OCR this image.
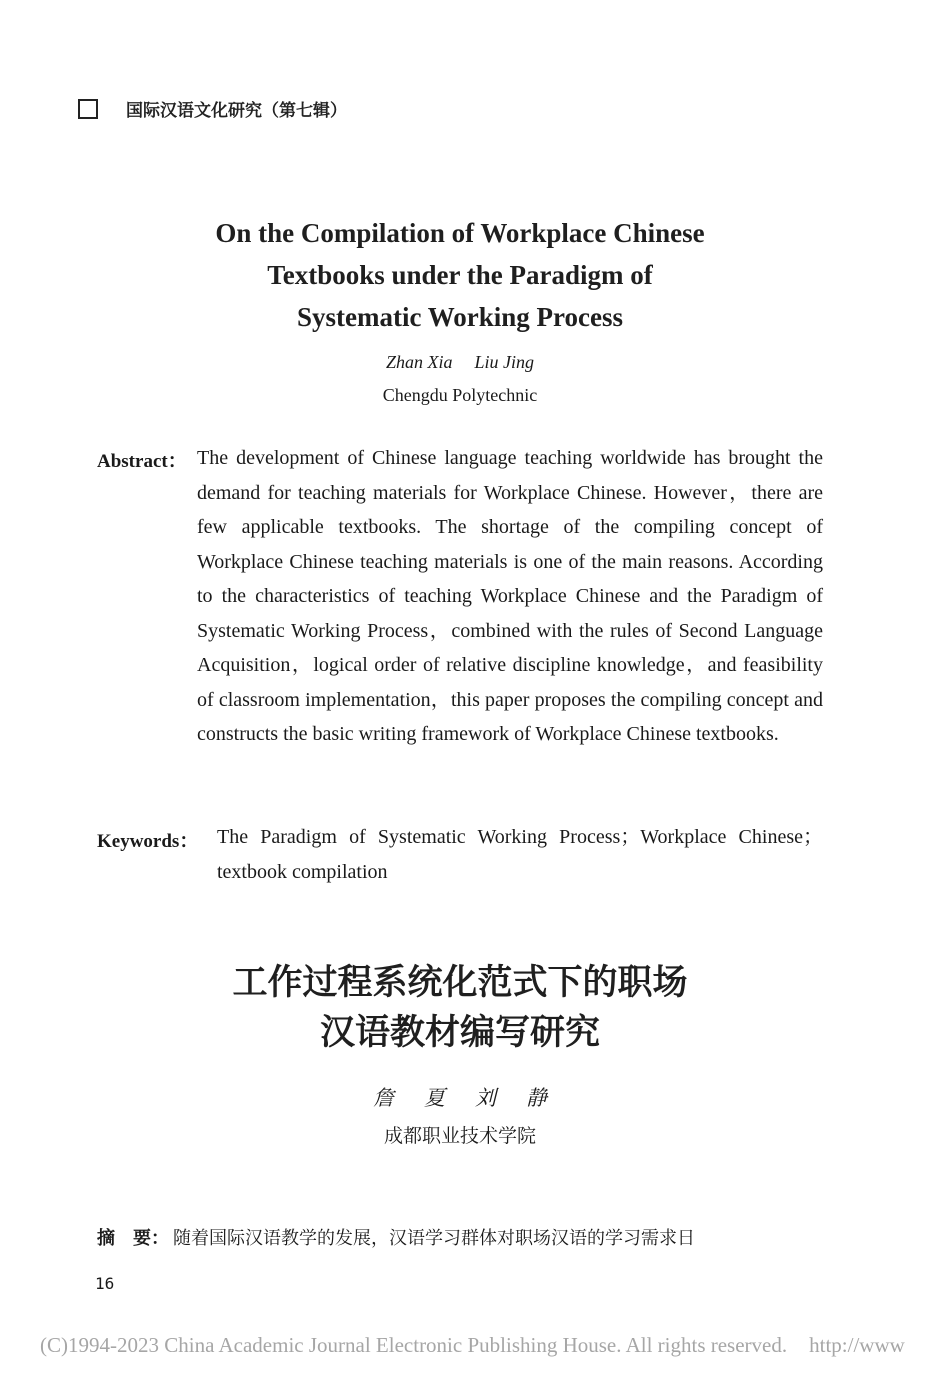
国际汉语文化研究（第七辑）
On the Compilation of Workplace Chinese
Textbooks under the Paradigm of
Systematic Working Process
Zhan Xia Liu Jing
Chengdu Polytechnic
Abstract： The development of Chinese language teaching worldwide has brought the demand for teaching materials for Workplace Chinese. However，there are few applicable textbooks. The shortage of the compiling concept of Workplace Chinese teaching materials is one of the main reasons. According to the characteristics of teaching Workplace Chinese and the Paradigm of Systematic Working Process，combined with the rules of Second Language Acquisition，logical order of relative discipline knowledge，and feasibility of classroom implementation，this paper proposes the compiling concept and constructs the basic writing framework of Workplace Chinese textbooks.
Keywords： The Paradigm of Systematic Working Process；Workplace Chinese；textbook compilation
工作过程系统化范式下的职场
汉语教材编写研究
詹夏刘静
成都职业技术学院
摘　要： 随着国际汉语教学的发展，汉语学习群体对职场汉语的学习需求日
16
(C)1994-2023 China Academic Journal Electronic Publishing House. All rights reserved. http://www
